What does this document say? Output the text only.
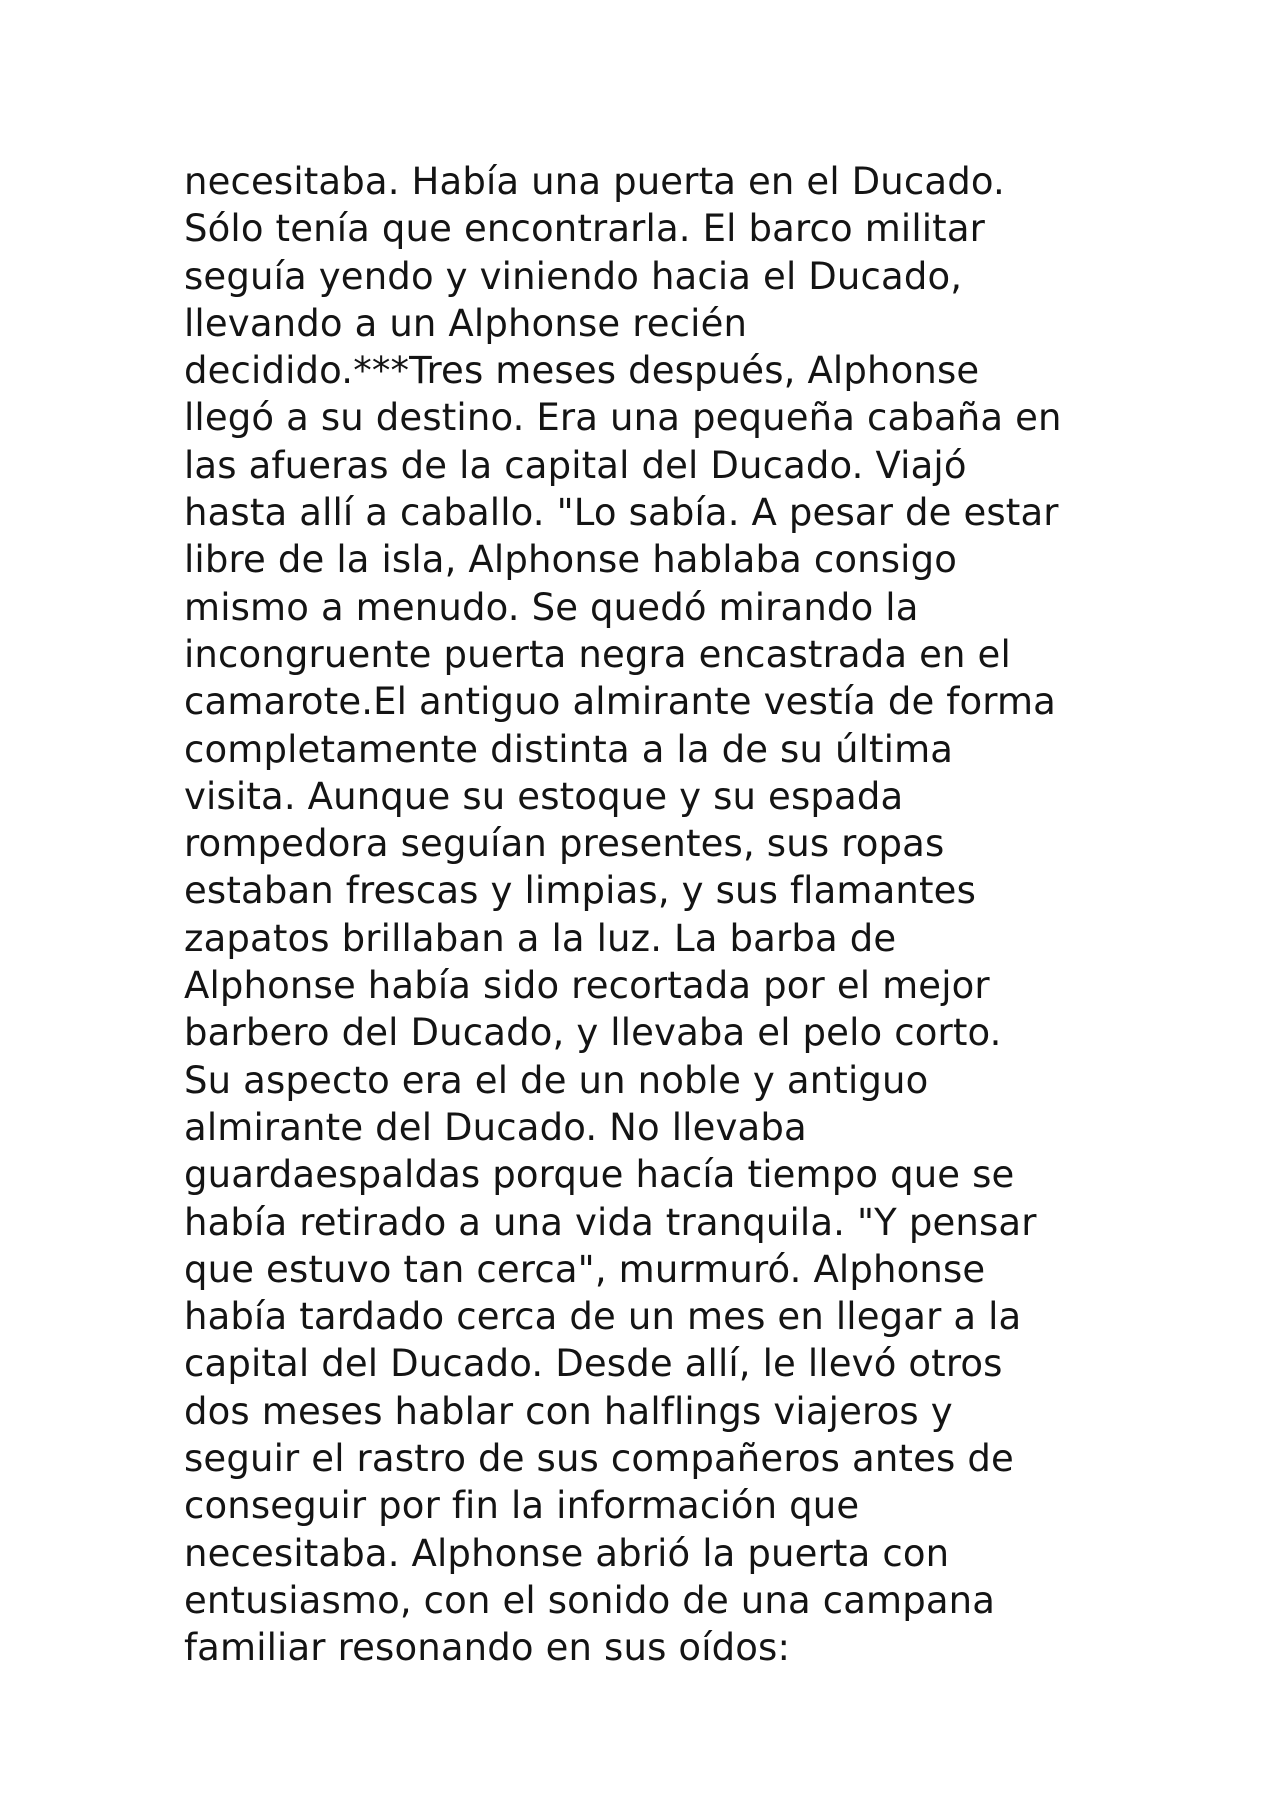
necesitaba. Había una puerta en el Ducado.
Sólo tenía que encontrarla. El barco militar
seguía yendo y viniendo hacia el Ducado,
llevando a un Alphonse recién
decidido.***Tres meses después, Alphonse
llegó a su destino. Era una pequeña cabaña en
las afueras de la capital del Ducado. Viajó
hasta allí a caballo. "Lo sabía. A pesar de estar
libre de la isla, Alphonse hablaba consigo
mismo a menudo. Se quedó mirando la
incongruente puerta negra encastrada en el
camarote.El antiguo almirante vestía de forma
completamente distinta a la de su última
visita. Aunque su estoque y su espada
rompedora seguían presentes, sus ropas
estaban frescas y limpias, y sus flamantes
zapatos brillaban a la luz. La barba de
Alphonse había sido recortada por el mejor
barbero del Ducado, y llevaba el pelo corto.
Su aspecto era el de un noble y antiguo
almirante del Ducado. No llevaba
guardaespaldas porque hacía tiempo que se
había retirado a una vida tranquila. "Y pensar
que estuvo tan cerca", murmuró. Alphonse
había tardado cerca de un mes en llegar a la
capital del Ducado. Desde allí, le llevó otros
dos meses hablar con halflings viajeros y
seguir el rastro de sus compañeros antes de
conseguir por fin la información que
necesitaba. Alphonse abrió la puerta con
entusiasmo, con el sonido de una campana
familiar resonando en sus oídos:
